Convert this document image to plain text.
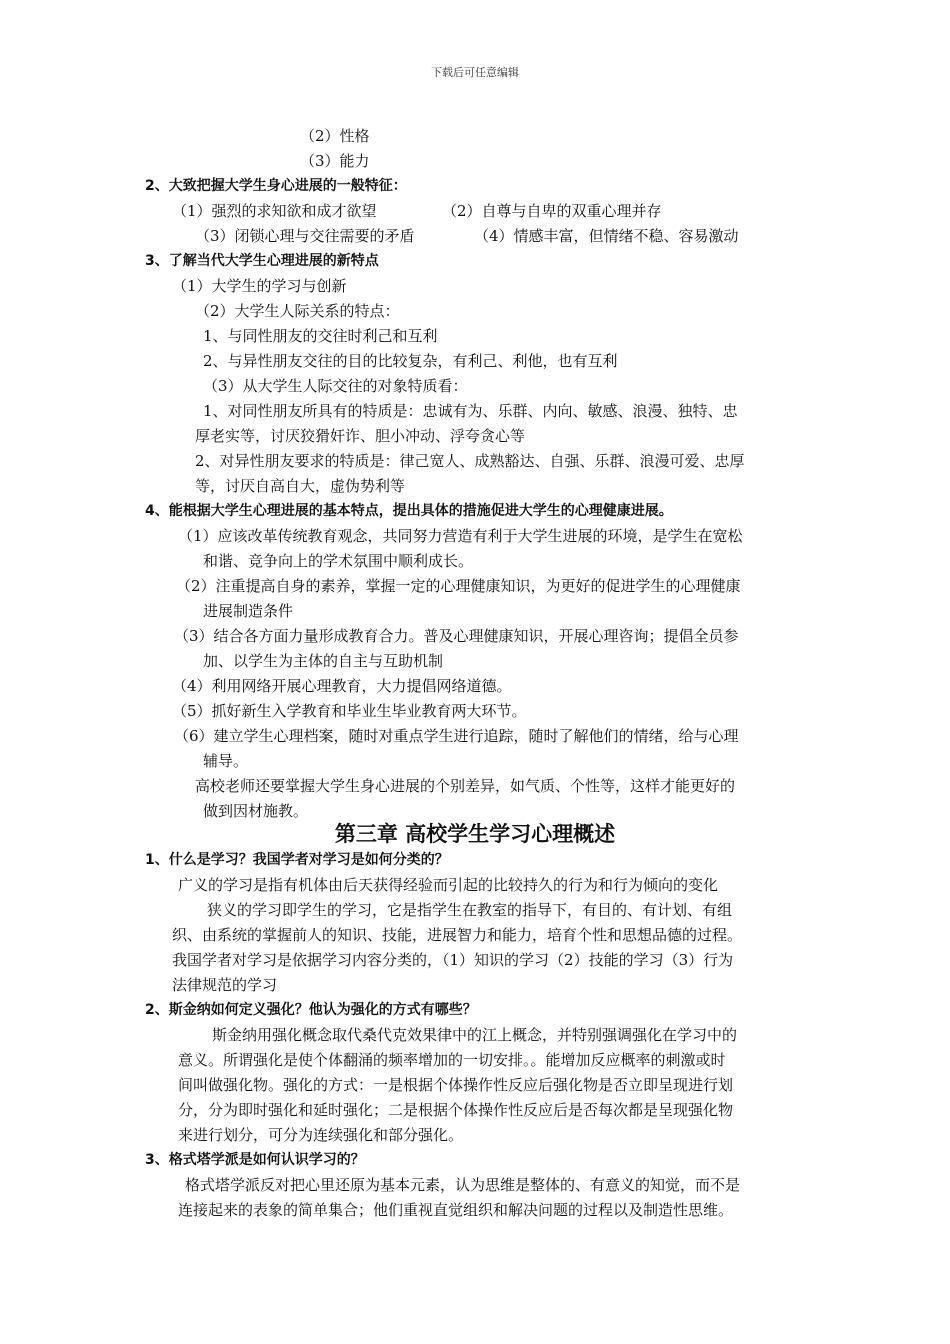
下载后可任意编辑
（2）性格
（3）能力
2、大致把握大学生身心进展的一般特征：
（1）强烈的求知欲和成才欲望	（2）自尊与自卑的双重心理并存
（3）闭锁心理与交往需要的矛盾	（4）情感丰富，但情绪不稳、容易激动
3、了解当代大学生心理进展的新特点
（1）大学生的学习与创新
（2）大学生人际关系的特点：
1、与同性朋友的交往时利己和互利
2、与异性朋友交往的目的比较复杂，有利己、利他，也有互利
（3）从大学生人际交往的对象特质看：
1、对同性朋友所具有的特质是：忠诚有为、乐群、内向、敏感、浪漫、独特、忠
厚老实等，讨厌狡猾奸诈、胆小冲动、浮夸贪心等
2、对异性朋友要求的特质是：律己宽人、成熟豁达、自强、乐群、浪漫可爱、忠厚
等，讨厌自高自大，虚伪势利等
4、能根据大学生心理进展的基本特点，提出具体的措施促进大学生的心理健康进展。
（1）应该改革传统教育观念，共同努力营造有利于大学生进展的环境，是学生在宽松
和谐、竞争向上的学术氛围中顺利成长。
（2）注重提高自身的素养，掌握一定的心理健康知识，为更好的促进学生的心理健康
进展制造条件
（3）结合各方面力量形成教育合力。普及心理健康知识，开展心理咨询；提倡全员参
加、以学生为主体的自主与互助机制
（4）利用网络开展心理教育，大力提倡网络道德。
（5）抓好新生入学教育和毕业生毕业教育两大环节。
（6）建立学生心理档案，随时对重点学生进行追踪，随时了解他们的情绪，给与心理
辅导。
高校老师还要掌握大学生身心进展的个别差异，如气质、个性等，这样才能更好的
做到因材施教。
第三章 高校学生学习心理概述
1、什么是学习？我国学者对学习是如何分类的？
广义的学习是指有机体由后天获得经验而引起的比较持久的行为和行为倾向的变化
狭义的学习即学生的学习，它是指学生在教室的指导下，有目的、有计划、有组
织、由系统的掌握前人的知识、技能，进展智力和能力，培育个性和思想品德的过程。
我国学者对学习是依据学习内容分类的，（1）知识的学习（2）技能的学习（3）行为
法律规范的学习
2、斯金纳如何定义强化？他认为强化的方式有哪些？
斯金纳用强化概念取代桑代克效果律中的江上概念，并特别强调强化在学习中的
意义。所谓强化是使个体翻涌的频率增加的一切安排。。能增加反应概率的刺激或时
间叫做强化物。强化的方式：一是根据个体操作性反应后强化物是否立即呈现进行划
分，分为即时强化和延时强化；二是根据个体操作性反应后是否每次都是呈现强化物
来进行划分，可分为连续强化和部分强化。
3、格式塔学派是如何认识学习的？
格式塔学派反对把心里还原为基本元素，认为思维是整体的、有意义的知觉，而不是
连接起来的表象的简单集合；他们重视直觉组织和解决问题的过程以及制造性思维。
